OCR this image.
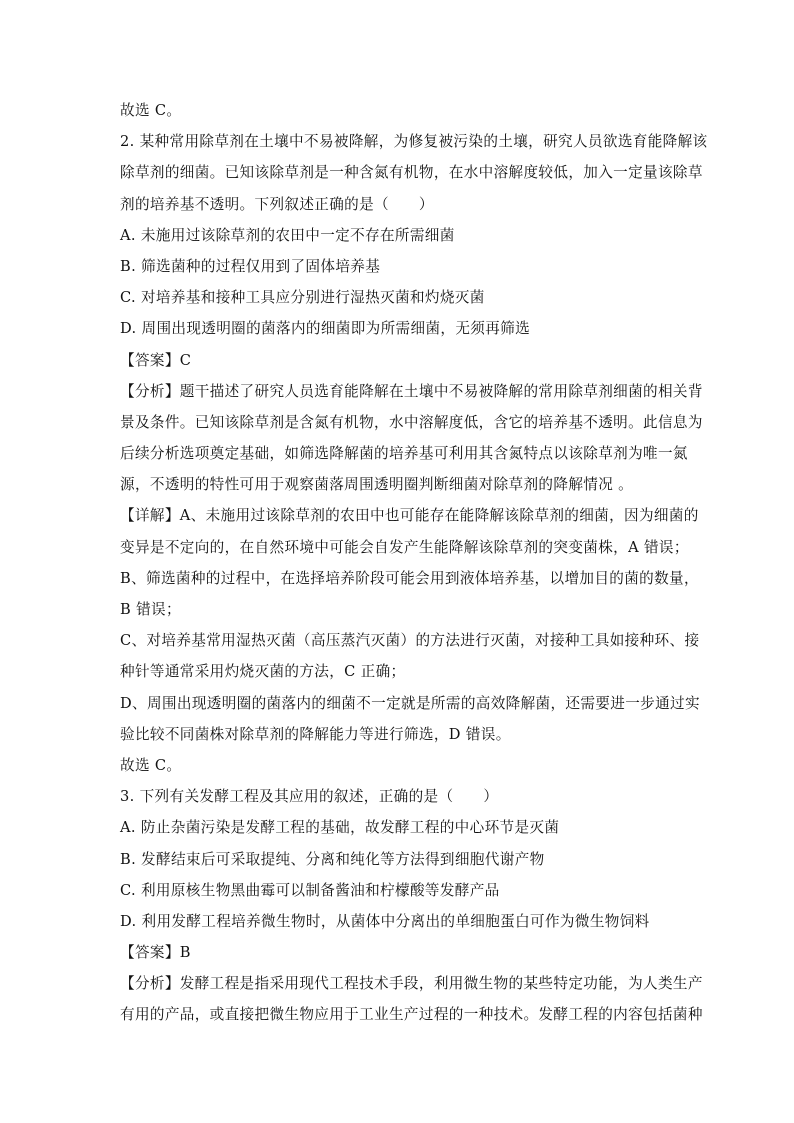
故选 C。
2. 某种常用除草剂在土壤中不易被降解，为修复被污染的土壤，研究人员欲选育能降解该
除草剂的细菌。已知该除草剂是一种含氮有机物，在水中溶解度较低，加入一定量该除草
剂的培养基不透明。下列叙述正确的是（　　）
A. 未施用过该除草剂的农田中一定不存在所需细菌
B. 筛选菌种的过程仅用到了固体培养基
C. 对培养基和接种工具应分别进行湿热灭菌和灼烧灭菌
D. 周围出现透明圈的菌落内的细菌即为所需细菌，无须再筛选
【答案】C
【分析】题干描述了研究人员选育能降解在土壤中不易被降解的常用除草剂细菌的相关背
景及条件。已知该除草剂是含氮有机物，水中溶解度低，含它的培养基不透明。此信息为
后续分析选项奠定基础，如筛选降解菌的培养基可利用其含氮特点以该除草剂为唯一氮
源，不透明的特性可用于观察菌落周围透明圈判断细菌对除草剂的降解情况 。
【详解】A、未施用过该除草剂的农田中也可能存在能降解该除草剂的细菌，因为细菌的
变异是不定向的，在自然环境中可能会自发产生能降解该除草剂的突变菌株，A 错误；
B、筛选菌种的过程中，在选择培养阶段可能会用到液体培养基，以增加目的菌的数量，
B 错误；
C、对培养基常用湿热灭菌（高压蒸汽灭菌）的方法进行灭菌，对接种工具如接种环、接
种针等通常采用灼烧灭菌的方法，C 正确；
D、周围出现透明圈的菌落内的细菌不一定就是所需的高效降解菌，还需要进一步通过实
验比较不同菌株对除草剂的降解能力等进行筛选，D 错误。
故选 C。
3. 下列有关发酵工程及其应用的叙述，正确的是（　　）
A. 防止杂菌污染是发酵工程的基础，故发酵工程的中心环节是灭菌
B. 发酵结束后可采取提纯、分离和纯化等方法得到细胞代谢产物
C. 利用原核生物黑曲霉可以制备酱油和柠檬酸等发酵产品
D. 利用发酵工程培养微生物时，从菌体中分离出的单细胞蛋白可作为微生物饲料
【答案】B
【分析】发酵工程是指采用现代工程技术手段，利用微生物的某些特定功能，为人类生产
有用的产品，或直接把微生物应用于工业生产过程的一种技术。发酵工程的内容包括菌种
